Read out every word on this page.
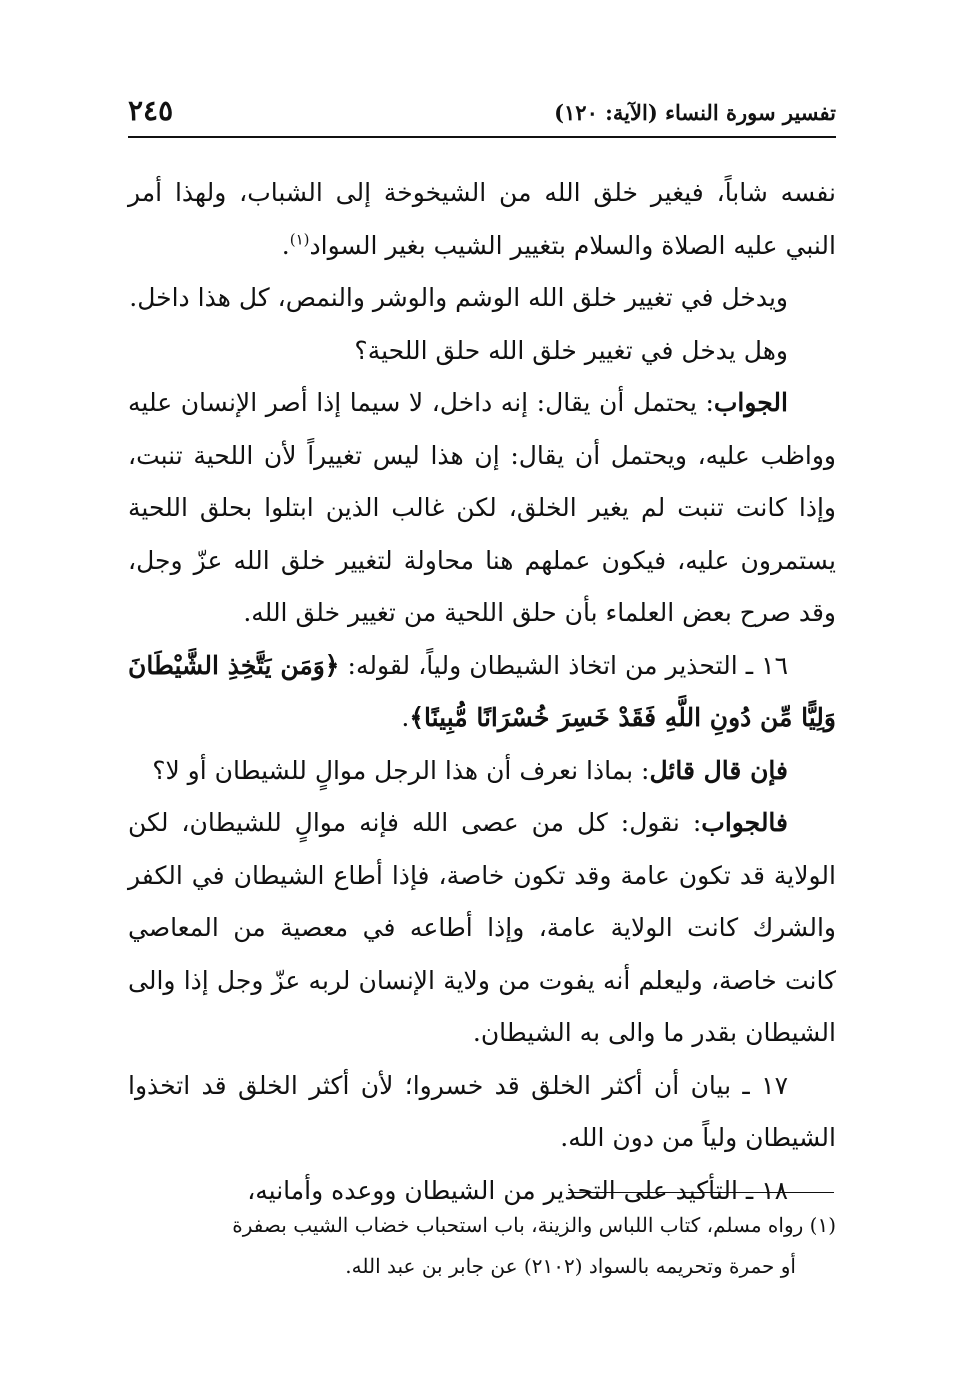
تفسير سورة النساء (الآية: ١٢٠)
٢٤٥

نفسه شاباً، فيغير خلق الله من الشيخوخة إلى الشباب، ولهذا أمر النبي عليه الصلاة والسلام بتغيير الشيب بغير السواد$^{(١)}$.

ويدخل في تغيير خلق الله الوشم والوشر والنمص، كل هذا داخل.

وهل يدخل في تغيير خلق الله حلق اللحية؟

الجواب: يحتمل أن يقال: إنه داخل، لا سيما إذا أصر الإنسان عليه وواظب عليه، ويحتمل أن يقال: إن هذا ليس تغييراً لأن اللحية تنبت، وإذا كانت تنبت لم يغير الخلق، لكن غالب الذين ابتلوا بحلق اللحية يستمرون عليه، فيكون عملهم هنا محاولة لتغيير خلق الله عزّ وجل، وقد صرح بعض العلماء بأن حلق اللحية من تغيير خلق الله.

١٦ ـ التحذير من اتخاذ الشيطان ولياً، لقوله: ﴿وَمَن يَتَّخِذِ الشَّيْطَانَ وَلِيًّا مِّن دُونِ اللَّهِ فَقَدْ خَسِرَ خُسْرَانًا مُّبِينًا﴾.

فإن قال قائل: بماذا نعرف أن هذا الرجل موالٍ للشيطان أو لا؟

فالجواب: نقول: كل من عصى الله فإنه موالٍ للشيطان، لكن الولاية قد تكون عامة وقد تكون خاصة، فإذا أطاع الشيطان في الكفر والشرك كانت الولاية عامة، وإذا أطاعه في معصية من المعاصي كانت خاصة، وليعلم أنه يفوت من ولاية الإنسان لربه عزّ وجل إذا والى الشيطان بقدر ما والى به الشيطان.

١٧ ـ بيان أن أكثر الخلق قد خسروا؛ لأن أكثر الخلق قد اتخذوا الشيطان ولياً من دون الله.

١٨ ـ التأكيد على التحذير من الشيطان ووعده وأمانيه،

(١) رواه مسلم، كتاب اللباس والزينة، باب استحباب خضاب الشيب بصفرة

أو حمرة وتحريمه بالسواد (٢١٠٢) عن جابر بن عبد الله.
